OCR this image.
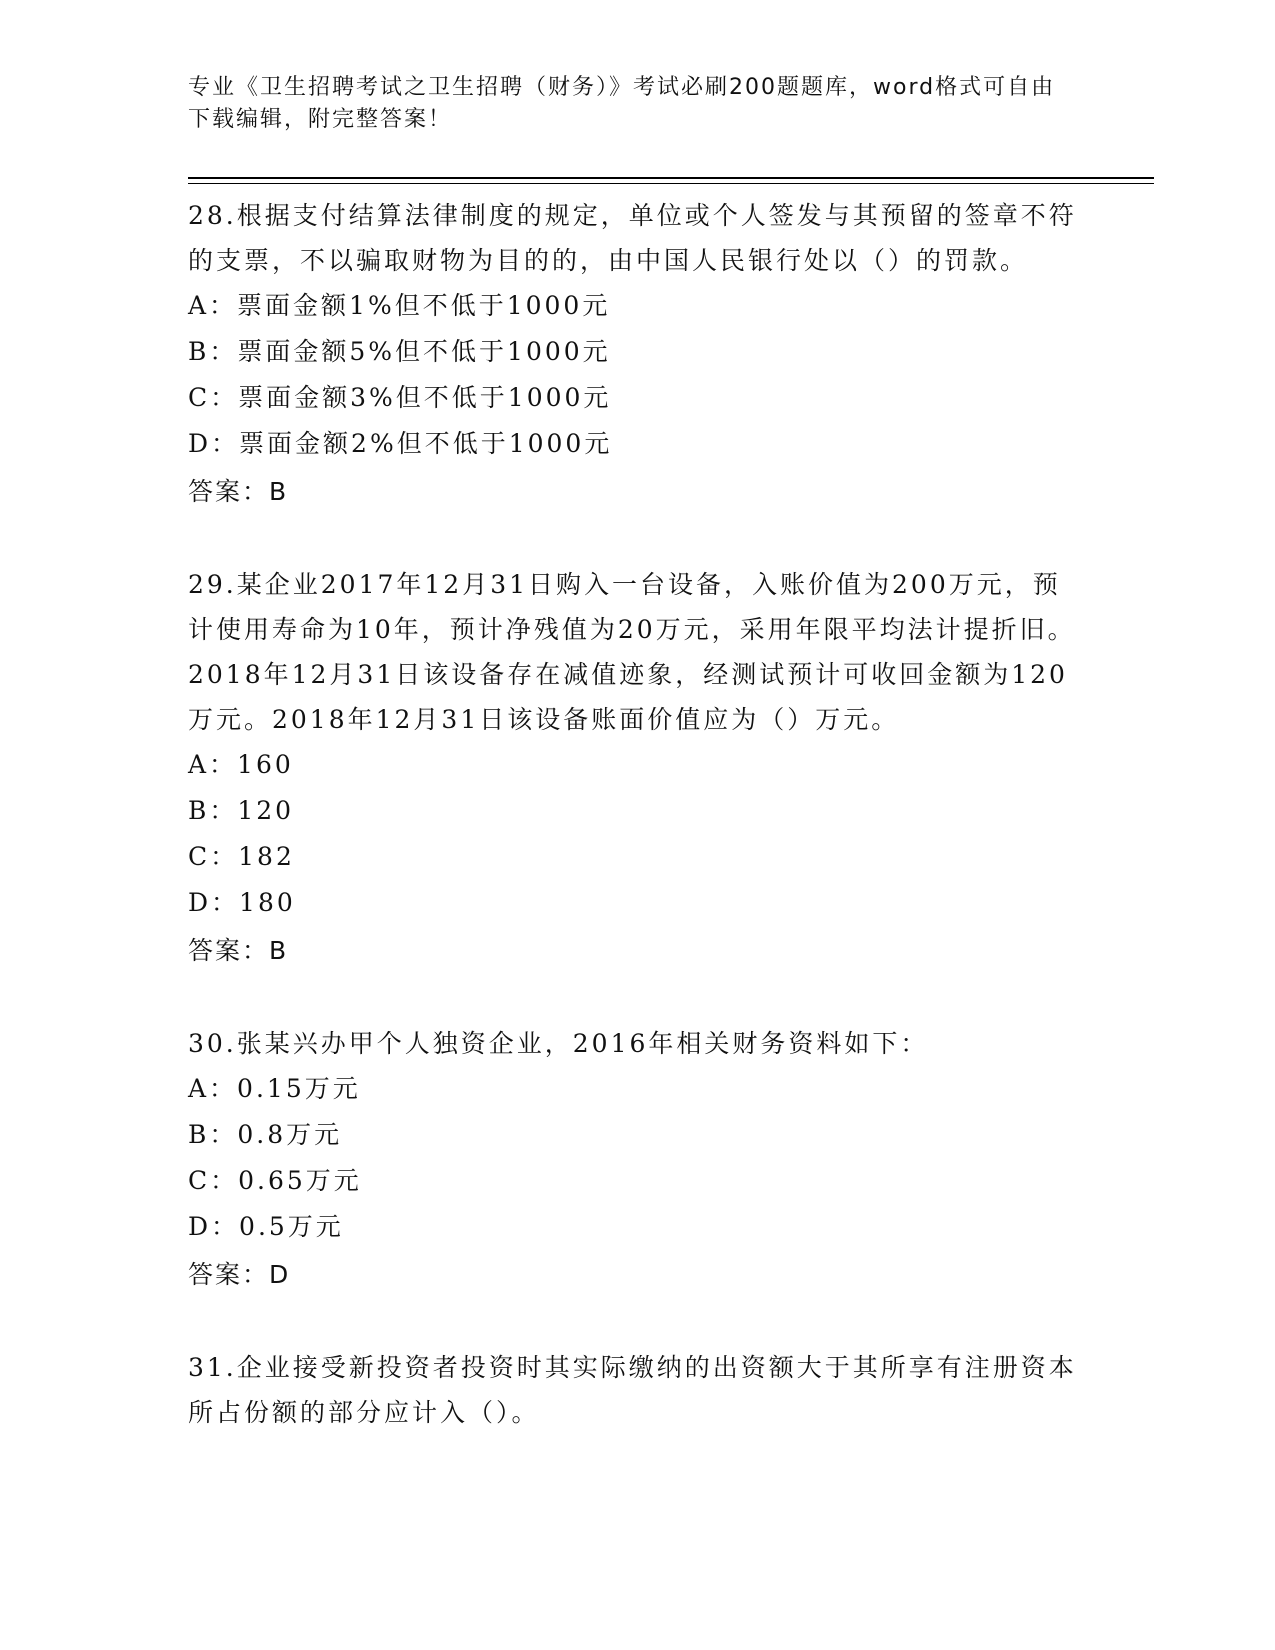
专业《卫生招聘考试之卫生招聘（财务）》考试必刷200题题库，word格式可自由下载编辑，附完整答案！
28.根据支付结算法律制度的规定，单位或个人签发与其预留的签章不符的支票，不以骗取财物为目的的，由中国人民银行处以（）的罚款。
A：票面金额1%但不低于1000元
B：票面金额5%但不低于1000元
C：票面金额3%但不低于1000元
D：票面金额2%但不低于1000元
答案：B
29.某企业2017年12月31日购入一台设备，入账价值为200万元，预计使用寿命为10年，预计净残值为20万元，采用年限平均法计提折旧。2018年12月31日该设备存在减值迹象，经测试预计可收回金额为120万元。2018年12月31日该设备账面价值应为（）万元。
A：160
B：120
C：182
D：180
答案：B
30.张某兴办甲个人独资企业，2016年相关财务资料如下：
A：0.15万元
B：0.8万元
C：0.65万元
D：0.5万元
答案：D
31.企业接受新投资者投资时其实际缴纳的出资额大于其所享有注册资本所占份额的部分应计入（）。
